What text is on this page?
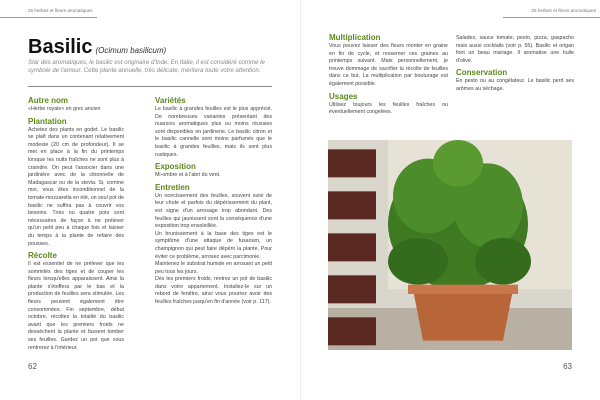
25 herbes et fleurs aromatiques
Basilic (Ocimum basilicum)
Star des aromatiques, le basilic est originaire d'Inde. En Italie, il est considéré comme le symbole de l'amour. Cette plante annuelle, très délicate, méritera toute votre attention.
Autre nom

«Herbe royale» en grec ancien

Plantation

Achetez des plants en godet. Le basilic se plaît dans un contenant relativement modeste (20 cm de profondeur). Il se met en place à la fin du printemps lorsque les nuits fraîches ne sont plus à craindre. On peut l'associer dans une jardinière avec de la citronnelle de Madagascar ou de la stevia. Si, comme moi, vous êtes inconditionnel de la tomate-mozzarella en été, un seul pot de basilic ne suffira pas à couvrir vos besoins. Trois ou quatre pots sont nécessaires de façon à ne prélever qu'un petit peu à chaque fois et laisser du temps à la plante de refaire des pousses.

Récolte

Il est essentiel de ne prélever que les sommités des tiges et de couper les fleurs lorsqu'elles apparaissent. Ainsi la plante s'étoffera par le bas et la production de feuilles sera stimulée. Les fleurs peuvent également être consommées. Fin septembre, début octobre, récoltez la totalité du basilic avant que les premiers froids ne dessèchent la plante et fassent tomber ses feuilles. Gardez un pot que vous rentrerez à l'intérieur.

Variétés

Le basilic à grandes feuilles est le plus apprécié. De nombreuses variantes présentant des nuances aromatiques plus ou moins réussies sont disponibles en jardinerie. Le basilic citron et le basilic cannelle sont moins parfumés que le basilic à grandes feuilles, mais ils sont plus rustiques.

Exposition

Mi-ombre et à l'abri du vent.

Entretien

Un noircissement des feuilles, souvent suivi de leur chute et parfois du dépérissement du plant, est signe d'un arrosage trop abondant. Des feuilles qui jaunissent sont la conséquence d'une exposition trop ensoleillée.

Un brunissement à la base des tiges est le symptôme d'une attaque de fusarium, un champignon qui peut faire dépérir la plante. Pour éviter ce problème, arrosez avec parcimonie.

Maintenez le substrat humide en arrosant un petit peu tous les jours.

Dès les premiers froids, rentrez un pot de basilic dans votre appartement. Installez-le sur un rebord de fenêtre, ainsi vous pourrez avoir des feuilles fraîches jusqu'en fin d'année (voir p. 117).

62
25 herbes et fleurs aromatiques
Multiplication

Vous pouvez laisser des fleurs monter en graine en fin de cycle, et ressemer ces graines au printemps suivant. Mais personnellement, je trouve dommage de sacrifier la récolte de feuilles dans ce but. La multiplication par bouturage est également possible.

Usages

Utilisez toujours les feuilles fraîches ou éventuellement congelées.

Salades, sauce tomate, pesto, pizza, gaspacho mais aussi cocktails (voir p. 55). Basilic et origan font un beau mariage. Il aromatise une huile d'olive.

Conservation

En pesto ou au congélateur. Le basilic perd ses arômes au séchage.

63
